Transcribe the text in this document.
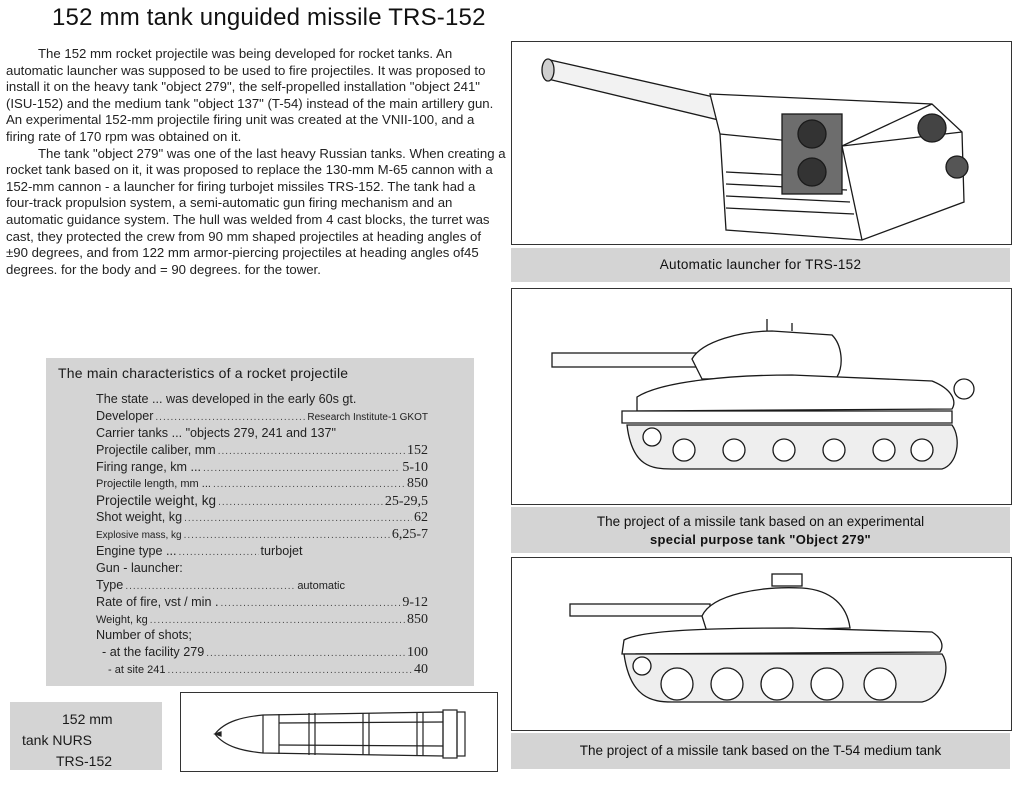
152 mm tank unguided missile TRS-152

The 152 mm rocket projectile was being developed for rocket tanks. An automatic launcher was supposed to be used to fire projectiles. It was proposed to install it on the heavy tank "object 279", the self-propelled installation "object 241" (ISU-152) and the medium tank "object 137" (T-54) instead of the main artillery gun. An experimental 152-mm projectile firing unit was created at the VNII-100, and a firing rate of 170 rpm was obtained on it.

The tank "object 279" was one of the last heavy Russian tanks. When creating a rocket tank based on it, it was proposed to replace the 130-mm M-65 cannon with a 152-mm cannon - a launcher for firing turbojet missiles TRS-152. The tank had a four-track propulsion system, a semi-automatic gun firing mechanism and an automatic guidance system. The hull was welded from 4 cast blocks, the turret was cast, they protected the crew from 90 mm shaped projectiles at heading angles of ±90 degrees, and from 122 mm armor-piercing projectiles at heading angles of45 degrees. for the body and = 90 degrees. for the tower.

The main characteristics of a rocket projectile
The state ... was developed in the early 60s gt.
Developer .....	Research Institute-1 GKOT
Carrier tanks ... "objects 279, 241 and 137"
Projectile caliber, mm .....	152
Firing range, km ... .....	5-10
Projectile length, mm ... .....	850
Projectile weight, kg .....	25-29,5
Shot weight, kg .....	62
Explosive mass, kg .....	6,25-7
Engine type ... .....	turbojet
Gun - launcher:
Type .....	automatic
Rate of fire, vst / min . .....	9-12
Weight, kg .....	850
Number of shots;
- at the facility 279 .....	100
- at site 241 .....	40
152 mm
tank NURS
TRS-152
Automatic launcher for TRS-152
The project of a missile tank based on an experimental
special purpose tank "Object 279"
The project of a missile tank based on the T-54 medium tank
